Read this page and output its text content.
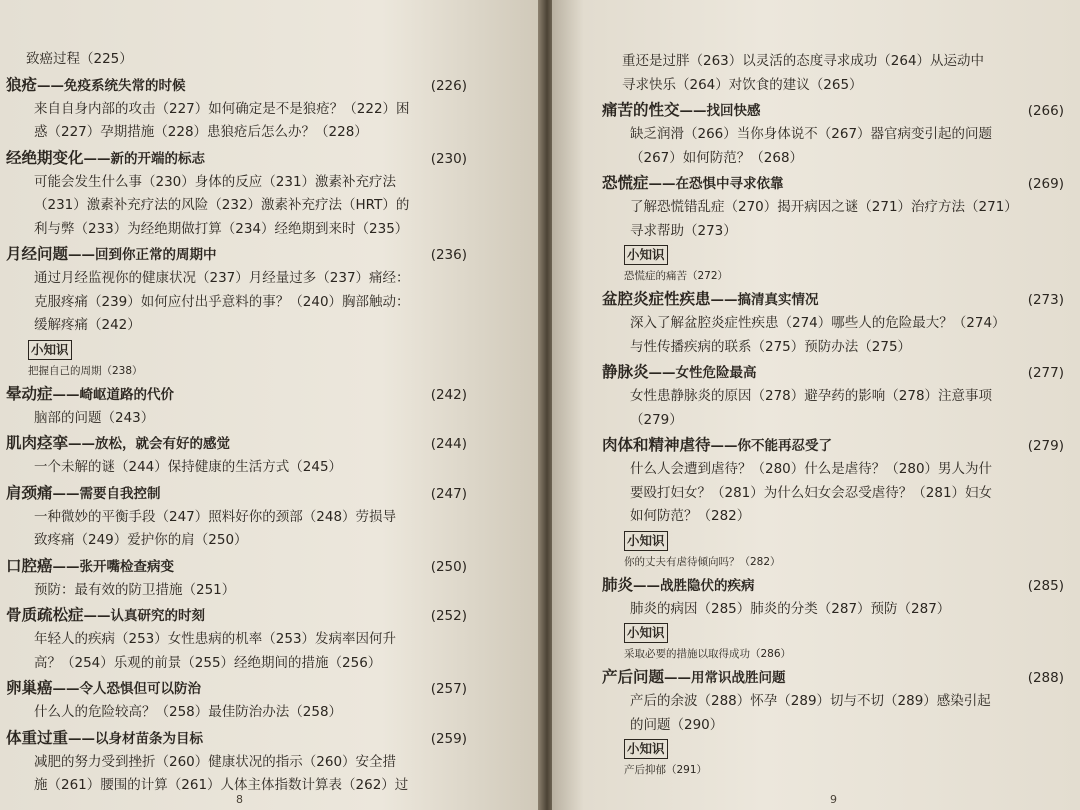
致癌过程（225）
狼疮——免疫系统失常的时候	(226)
来自自身内部的攻击（227）如何确定是不是狼疮？（222）困
惑（227）孕期措施（228）患狼疮后怎么办？（228）
经绝期变化——新的开端的标志	(230)
可能会发生什么事（230）身体的反应（231）激素补充疗法
（231）激素补充疗法的风险（232）激素补充疗法（HRT）的
利与弊（233）为经绝期做打算（234）经绝期到来时（235）
月经问题——回到你正常的周期中	(236)
通过月经监视你的健康状况（237）月经量过多（237）痛经：
克服疼痛（239）如何应付出乎意料的事？（240）胸部触动：
缓解疼痛（242）
小知识
把握自己的周期（238）
晕动症——崎岖道路的代价	(242)
脑部的问题（243）
肌肉痉挛——放松，就会有好的感觉	(244)
一个未解的谜（244）保持健康的生活方式（245）
肩颈痛——需要自我控制	(247)
一种微妙的平衡手段（247）照料好你的颈部（248）劳损导
致疼痛（249）爱护你的肩（250）
口腔癌——张开嘴检查病变	(250)
预防：最有效的防卫措施（251）
骨质疏松症——认真研究的时刻	(252)
年轻人的疾病（253）女性患病的机率（253）发病率因何升
高？（254）乐观的前景（255）经绝期间的措施（256）
卵巢癌——令人恐惧但可以防治	(257)
什么人的危险较高？（258）最佳防治办法（258）
体重过重——以身材苗条为目标	(259)
减肥的努力受到挫折（260）健康状况的指示（260）安全措
施（261）腰围的计算（261）人体主体指数计算表（262）过
8
重还是过胖（263）以灵活的态度寻求成功（264）从运动中
寻求快乐（264）对饮食的建议（265）
痛苦的性交——找回快感	(266)
缺乏润滑（266）当你身体说不（267）器官病变引起的问题
（267）如何防范？（268）
恐慌症——在恐惧中寻求依靠	(269)
了解恐慌错乱症（270）揭开病因之谜（271）治疗方法（271）
寻求帮助（273）
小知识
恐慌症的痛苦（272）
盆腔炎症性疾患——搞清真实情况	(273)
深入了解盆腔炎症性疾患（274）哪些人的危险最大？（274）
与性传播疾病的联系（275）预防办法（275）
静脉炎——女性危险最高	(277)
女性患静脉炎的原因（278）避孕药的影响（278）注意事项
（279）
肉体和精神虐待——你不能再忍受了	(279)
什么人会遭到虐待？（280）什么是虐待？（280）男人为什
要殴打妇女？（281）为什么妇女会忍受虐待？（281）妇女
如何防范？（282）
小知识
你的丈夫有虐待倾向吗？（282）
肺炎——战胜隐伏的疾病	(285)
肺炎的病因（285）肺炎的分类（287）预防（287）
小知识
采取必要的措施以取得成功（286）
产后问题——用常识战胜问题	(288)
产后的余波（288）怀孕（289）切与不切（289）感染引起
的问题（290）
小知识
产后抑郁（291）
9
